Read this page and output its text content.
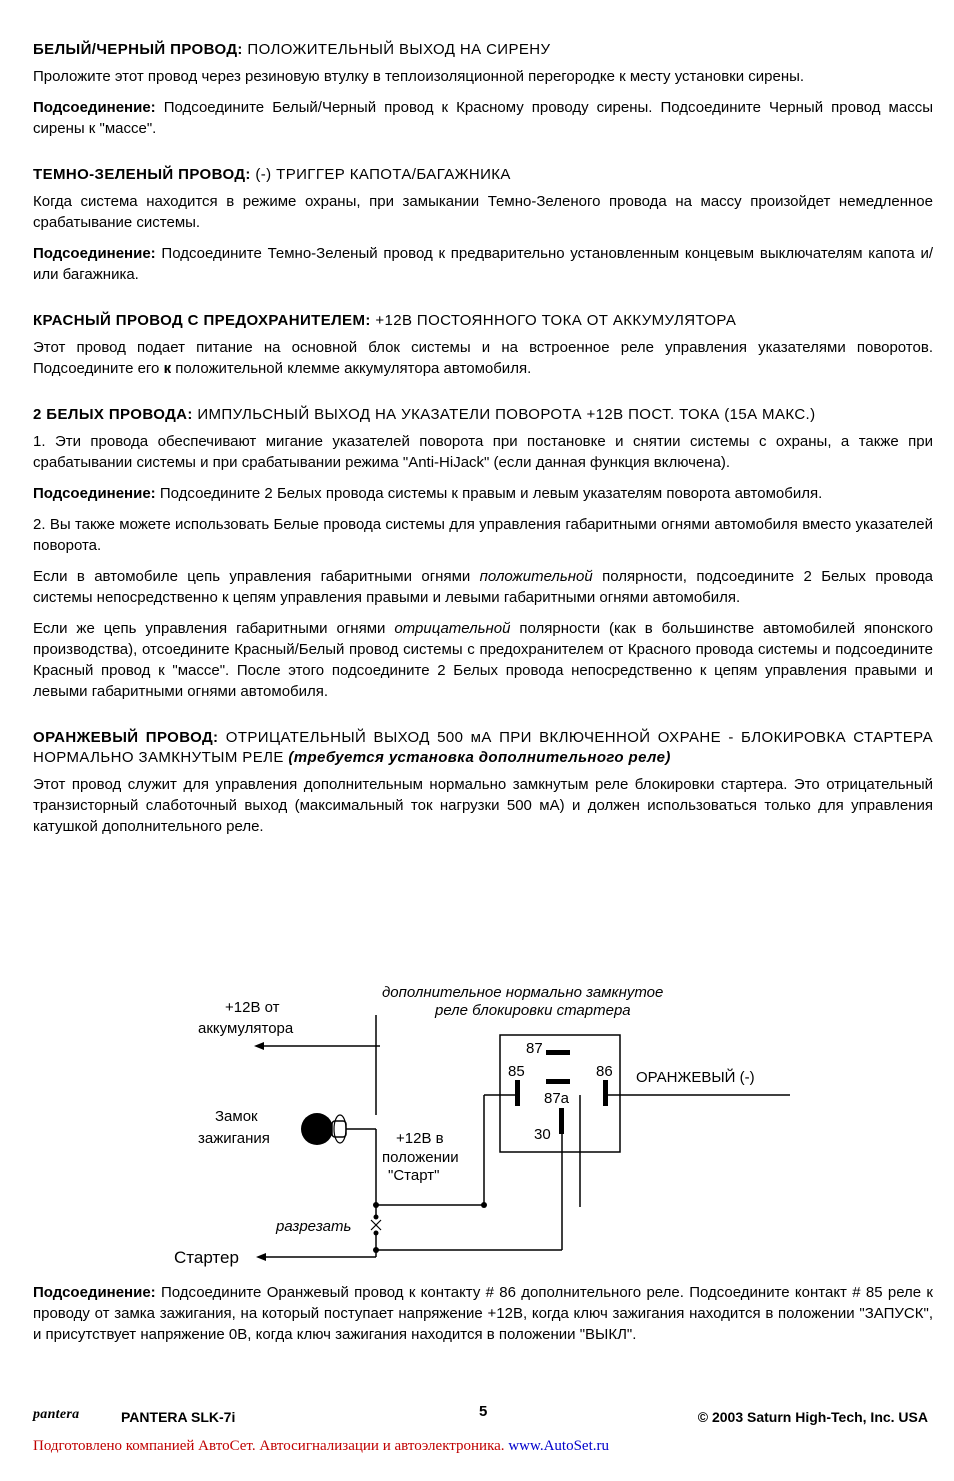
БЕЛЫЙ/ЧЕРНЫЙ ПРОВОД: ПОЛОЖИТЕЛЬНЫЙ ВЫХОД НА СИРЕНУ
Проложите этот провод через резиновую втулку в теплоизоляционной перегородке к месту установки сирены.
Подсоединение: Подсоедините Белый/Черный провод к Красному проводу сирены. Подсоедините Черный провод массы сирены к "массе".
ТЕМНО-ЗЕЛЕНЫЙ ПРОВОД: (-) ТРИГГЕР КАПОТА/БАГАЖНИКА
Когда система находится в режиме охраны, при замыкании Темно-Зеленого провода на массу произойдет немедленное срабатывание системы.
Подсоединение: Подсоедините Темно-Зеленый провод к предварительно установленным концевым выключателям капота и/или багажника.
КРАСНЫЙ ПРОВОД С ПРЕДОХРАНИТЕЛЕМ: +12В ПОСТОЯННОГО ТОКА ОТ АККУМУЛЯТОРА
Этот провод подает питание на основной блок системы и на встроенное реле управления указателями поворотов. Подсоедините его к положительной клемме аккумулятора автомобиля.
2 БЕЛЫХ ПРОВОДА: ИМПУЛЬСНЫЙ ВЫХОД НА УКАЗАТЕЛИ ПОВОРОТА +12В ПОСТ. ТОКА (15А МАКС.)
1. Эти провода обеспечивают мигание указателей поворота при постановке и снятии системы с охраны, а также при срабатывании системы и при срабатывании режима "Anti-HiJack" (если данная функция включена).
Подсоединение: Подсоедините 2 Белых провода системы к правым и левым указателям поворота автомобиля.
2. Вы также можете использовать Белые провода системы для управления габаритными огнями автомобиля вместо указателей поворота.
Если в автомобиле цепь управления габаритными огнями положительной полярности, подсоедините 2 Белых провода системы непосредственно к цепям управления правыми и левыми габаритными огнями автомобиля.
Если же цепь управления габаритными огнями отрицательной полярности (как в большинстве автомобилей японского производства), отсоедините Красный/Белый провод системы с предохранителем от Красного провода системы и подсоедините Красный провод к "массе". После этого подсоедините 2 Белых провода непосредственно к цепям управления правыми и левыми габаритными огнями автомобиля.
ОРАНЖЕВЫЙ ПРОВОД: ОТРИЦАТЕЛЬНЫЙ ВЫХОД 500 мА ПРИ ВКЛЮЧЕННОЙ ОХРАНЕ - БЛОКИРОВКА СТАРТЕРА НОРМАЛЬНО ЗАМКНУТЫМ РЕЛЕ (требуется установка дополнительного реле)
Этот провод служит для управления дополнительным нормально замкнутым реле блокировки стартера. Это отрицательный транзисторный слаботочный выход (максимальный ток нагрузки 500 мА) и должен использоваться только для управления катушкой дополнительного реле.
дополнительное нормально замкнутое
реле блокировки стартера
+12В от
аккумулятора
Замок
зажигания	+12В в
положении
"Старт"
разрезать
Стартер
ОРАНЖЕВЫЙ (-)
87
85	86
87a
30
Подсоединение: Подсоедините Оранжевый провод к контакту # 86 дополнительного реле. Подсоедините контакт # 85 реле к проводу от замка зажигания, на который поступает напряжение +12В, когда ключ зажигания находится в положении "ЗАПУСК", и присутствует напряжение 0В, когда ключ зажигания находится в положении "ВЫКЛ".
pantera	PANTERA SLK-7i	5	© 2003 Saturn High-Tech, Inc. USA
Подготовлено компанией АвтоСет. Автосигнализации и автоэлектроника. www.AutoSet.ru
